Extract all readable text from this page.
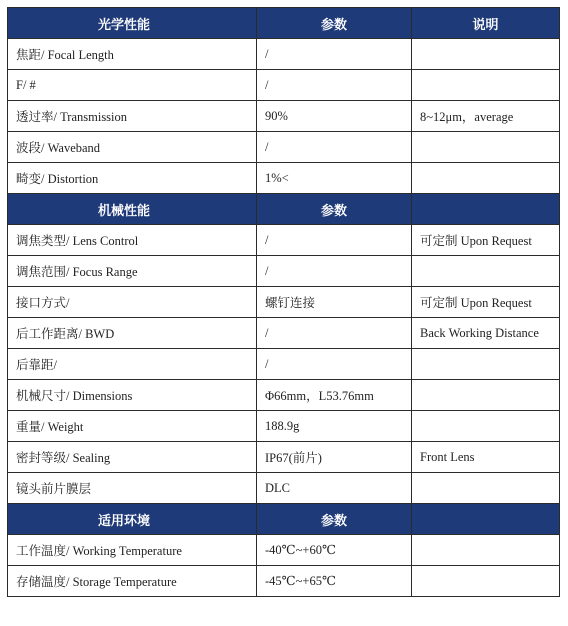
光学性能	参数	说明
焦距/ Focal Length	/	
F/ #	/	
透过率/ Transmission	90%	8~12μm，average
波段/ Waveband	/	
畸变/ Distortion	1%<	
机械性能	参数	
调焦类型/ Lens Control	/	可定制 Upon Request
调焦范围/ Focus Range	/	
接口方式/	螺钉连接	可定制 Upon Request
后工作距离/ BWD	/	Back Working Distance
后靠距/	/	
机械尺寸/ Dimensions	Φ66mm，L53.76mm	
重量/ Weight	188.9g	
密封等级/ Sealing	IP67(前片)	Front Lens
镜头前片膜层	DLC	
适用环境	参数	
工作温度/ Working Temperature	-40℃~+60℃	
存储温度/ Storage Temperature	-45℃~+65℃	
